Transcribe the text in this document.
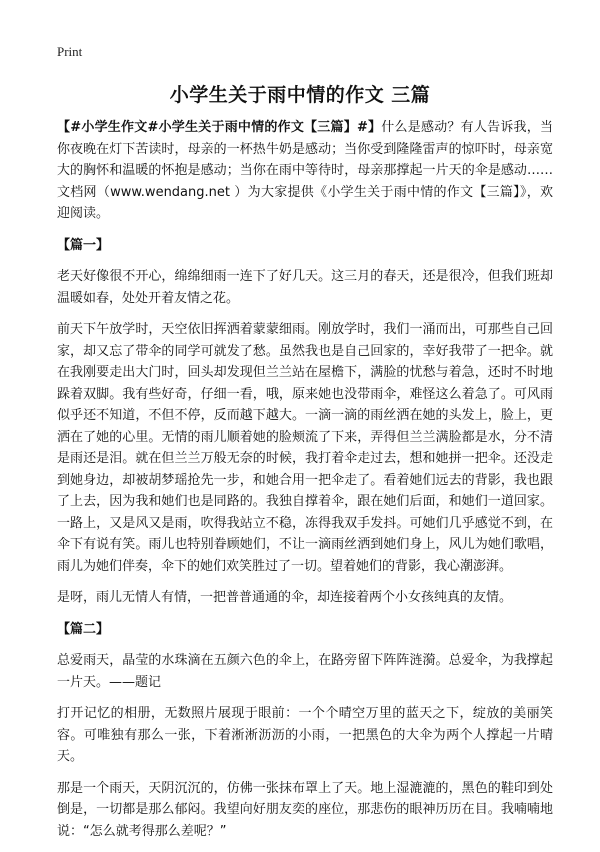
Print
小学生关于雨中情的作文 三篇

【#小学生作文#小学生关于雨中情的作文【三篇】#】什么是感动？有人告诉我，当你夜晚在灯下苦读时，母亲的一杯热牛奶是感动；当你受到隆隆雷声的惊吓时，母亲宽大的胸怀和温暖的怀抱是感动；当你在雨中等待时，母亲那撑起一片天的伞是感动……文档网（www.wendang.net ）为大家提供《小学生关于雨中情的作文【三篇】》，欢迎阅读。

【篇一】

老天好像很不开心，绵绵细雨一连下了好几天。这三月的春天，还是很冷，但我们班却温暖如春，处处开着友情之花。

前天下午放学时，天空依旧挥洒着蒙蒙细雨。刚放学时，我们一涌而出，可那些自己回家，却又忘了带伞的同学可就发了愁。虽然我也是自己回家的，幸好我带了一把伞。就在我刚要走出大门时，回头却发现但兰兰站在屋檐下，满脸的忧愁与着急，还时不时地跺着双脚。我有些好奇，仔细一看，哦，原来她也没带雨伞，难怪这么着急了。可风雨似乎还不知道，不但不停，反而越下越大。一滴一滴的雨丝洒在她的头发上，脸上，更洒在了她的心里。无情的雨儿顺着她的脸颊流了下来，弄得但兰兰满脸都是水，分不清是雨还是泪。就在但兰兰万般无奈的时候，我打着伞走过去，想和她拼一把伞。还没走到她身边，却被胡梦瑶抢先一步，和她合用一把伞走了。看着她们远去的背影，我也跟了上去，因为我和她们也是同路的。我独自撑着伞，跟在她们后面，和她们一道回家。一路上，又是风又是雨，吹得我站立不稳，冻得我双手发抖。可她们几乎感觉不到，在伞下有说有笑。雨儿也特别眷顾她们，不让一滴雨丝洒到她们身上，风儿为她们歌唱，雨儿为她们伴奏，伞下的她们欢笑胜过了一切。望着她们的背影，我心潮澎湃。

是呀，雨儿无情人有情，一把普普通通的伞，却连接着两个小女孩纯真的友情。

【篇二】

总爱雨天，晶莹的水珠滴在五颜六色的伞上，在路旁留下阵阵涟漪。总爱伞，为我撑起一片天。——题记

打开记忆的相册，无数照片展现于眼前：一个个晴空万里的蓝天之下，绽放的美丽笑容。可唯独有那么一张，下着淅淅沥沥的小雨，一把黑色的大伞为两个人撑起一片晴天。

那是一个雨天，天阴沉沉的，仿佛一张抹布罩上了天。地上湿漉漉的，黑色的鞋印到处倒是，一切都是那么郁闷。我望向好朋友奕的座位，那悲伤的眼神历历在目。我喃喃地说：“怎么就考得那么差呢？”
